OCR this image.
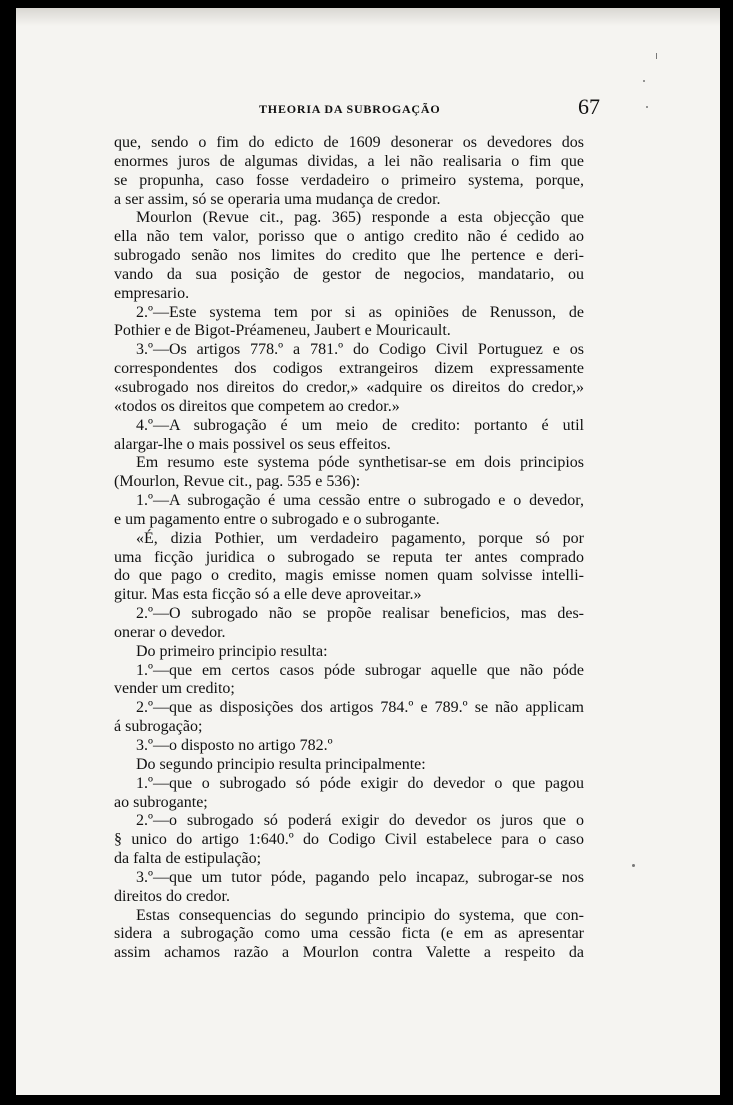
THEORIA DA SUBROGAÇÃO	67
que, sendo o fim do edicto de 1609 desonerar os devedores dos
enormes juros de algumas dividas, a lei não realisaria o fim que
se propunha, caso fosse verdadeiro o primeiro systema, porque,
a ser assim, só se operaria uma mudança de credor.
Mourlon (Revue cit., pag. 365) responde a esta objecção que
ella não tem valor, porisso que o antigo credito não é cedido ao
subrogado senão nos limites do credito que lhe pertence e deri-
vando da sua posição de gestor de negocios, mandatario, ou
empresario.
2.º—Este systema tem por si as opiniões de Renusson, de
Pothier e de Bigot-Préameneu, Jaubert e Mouricault.
3.º—Os artigos 778.º a 781.º do Codigo Civil Portuguez e os
correspondentes dos codigos extrangeiros dizem expressamente
«subrogado nos direitos do credor,» «adquire os direitos do credor,»
«todos os direitos que competem ao credor.»
4.º—A subrogação é um meio de credito: portanto é util
alargar-lhe o mais possivel os seus effeitos.
Em resumo este systema póde synthetisar-se em dois principios
(Mourlon, Revue cit., pag. 535 e 536):
1.º—A subrogação é uma cessão entre o subrogado e o devedor,
e um pagamento entre o subrogado e o subrogante.
«É, dizia Pothier, um verdadeiro pagamento, porque só por
uma ficção juridica o subrogado se reputa ter antes comprado
do que pago o credito, magis emisse nomen quam solvisse intelli-
gitur. Mas esta ficção só a elle deve aproveitar.»
2.º—O subrogado não se propõe realisar beneficios, mas des-
onerar o devedor.
Do primeiro principio resulta:
1.º—que em certos casos póde subrogar aquelle que não póde
vender um credito;
2.º—que as disposições dos artigos 784.º e 789.º se não applicam
á subrogação;
3.º—o disposto no artigo 782.º
Do segundo principio resulta principalmente:
1.º—que o subrogado só póde exigir do devedor o que pagou
ao subrogante;
2.º—o subrogado só poderá exigir do devedor os juros que o
§ unico do artigo 1:640.º do Codigo Civil estabelece para o caso
da falta de estipulação;
3.º—que um tutor póde, pagando pelo incapaz, subrogar-se nos
direitos do credor.
Estas consequencias do segundo principio do systema, que con-
sidera a subrogação como uma cessão ficta (e em as apresentar
assim achamos razão a Mourlon contra Valette a respeito da
